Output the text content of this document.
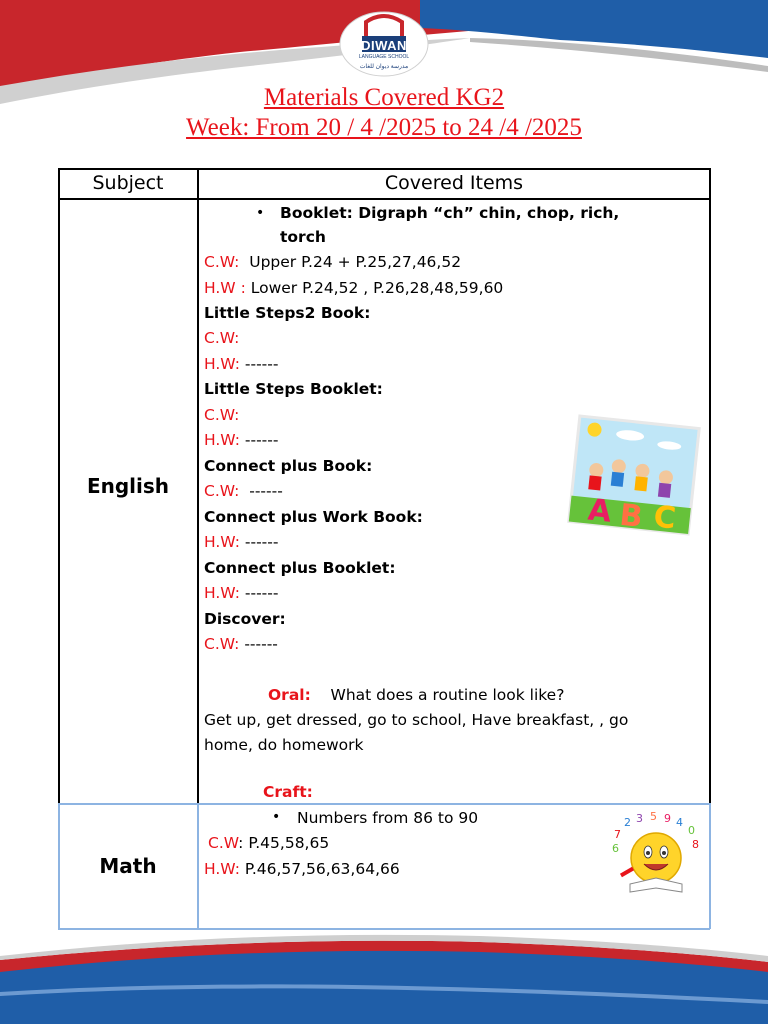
DIWAN
LANGUAGE SCHOOL
مدرسة ديوان للغات
Materials Covered KG2
Week: From 20 / 4 /2025 to 24 /4 /2025
Subject	Covered Items
English
• Booklet: Digraph “ch” chin, chop, rich,
torch
C.W: Upper P.24 + P.25,27,46,52
H.W : Lower P.24,52 , P.26,28,48,59,60
Little Steps2 Book:
C.W:
H.W: ------
Little Steps Booklet:
C.W:
H.W: ------
Connect plus Book:
C.W: ------
Connect plus Work Book:
H.W: ------
Connect plus Booklet:
H.W: ------
Discover:
C.W: ------
Oral: What does a routine look like?
Get up, get dressed, go to school, Have breakfast, , go
home, do homework
Craft:
A B C
Math
• Numbers from 86 to 90
C.W: P.45,58,65
H.W: P.46,57,56,63,64,66
7
2 3 5 9 4
0
8
6
